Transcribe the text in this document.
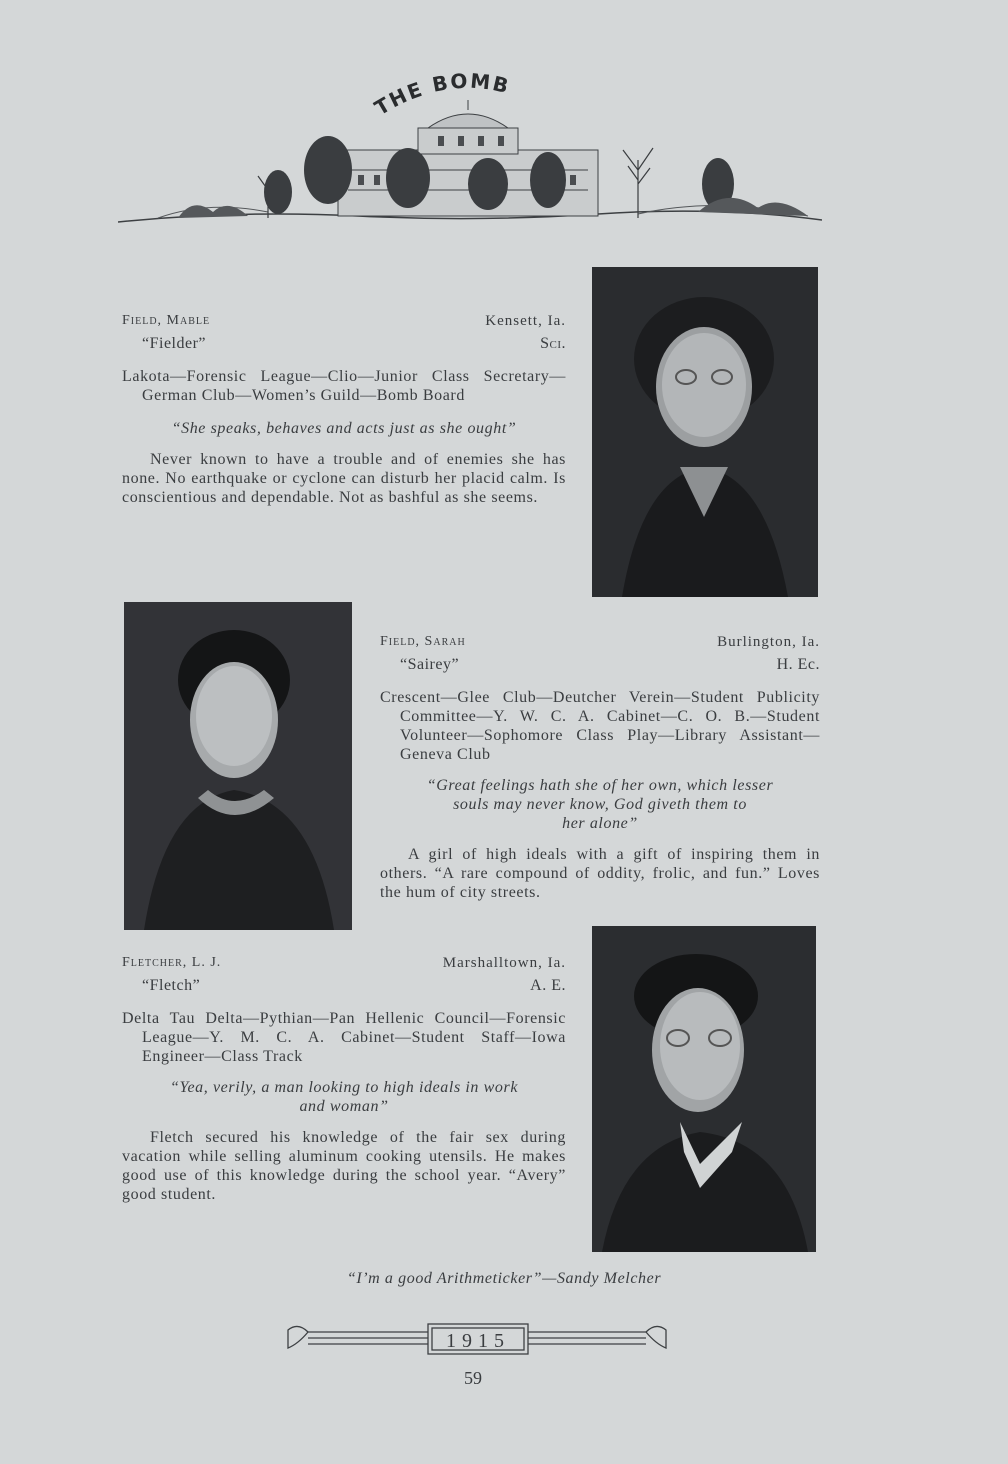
THE BOMB
Field, Mable	Kensett, Ia.
“Fielder”	Sci.
Lakota—Forensic League—Clio—Junior Class Secretary—German Club—Women’s Guild—Bomb Board
“She speaks, behaves and acts just as she ought”
Never known to have a trouble and of enemies she has none. No earthquake or cyclone can disturb her placid calm. Is conscientious and dependable. Not as bashful as she seems.
Field, Sarah	Burlington, Ia.
“Sairey”	H. Ec.
Crescent—Glee Club—Deutcher Verein—Student Publicity Committee—Y. W. C. A. Cabinet—C. O. B.—Student Volunteer—Sophomore Class Play—Library Assistant—Geneva Club
“Great feelings hath she of her own, which lesser
souls may never know, God giveth them to
her alone”
A girl of high ideals with a gift of inspiring them in others. “A rare compound of oddity, frolic, and fun.” Loves the hum of city streets.
Fletcher, L. J.	Marshalltown, Ia.
“Fletch”	A. E.
Delta Tau Delta—Pythian—Pan Hellenic Council—Forensic League—Y. M. C. A. Cabinet—Student Staff—Iowa Engineer—Class Track
“Yea, verily, a man looking to high ideals in work
and woman”
Fletch secured his knowledge of the fair sex during vacation while selling aluminum cooking utensils. He makes good use of this knowledge during the school year. “Avery” good student.
“I’m a good Arithmeticker”—Sandy Melcher
1915
59
